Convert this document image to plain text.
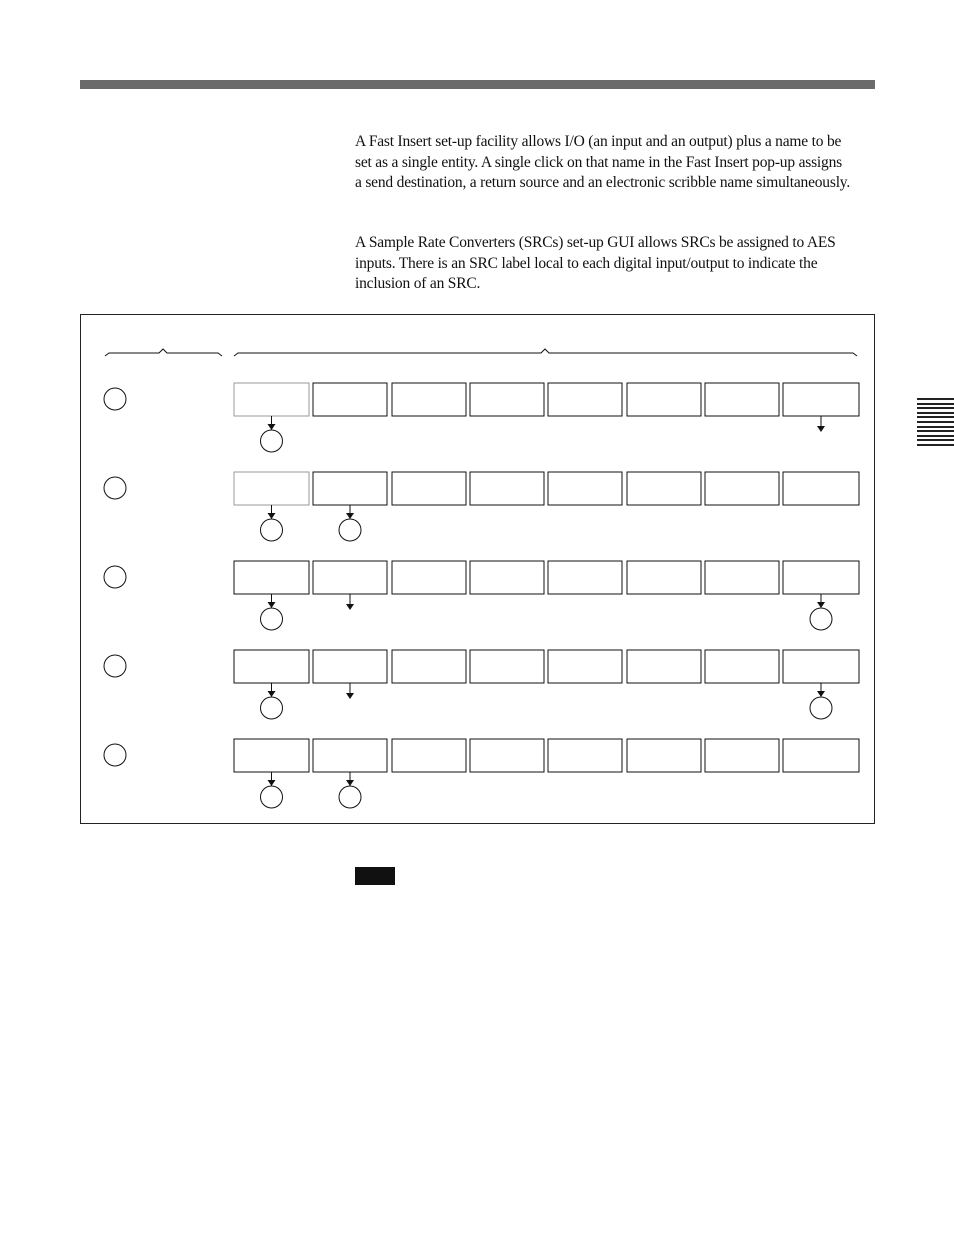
A Fast Insert set-up facility allows I/O (an input and an output) plus a name to be set as a single entity. A single click on that name in the Fast Insert pop-up assigns a send destination, a return source and an electronic scribble name simultaneously.

A Sample Rate Converters (SRCs) set-up GUI allows SRCs be assigned to AES inputs. There is an SRC label local to each digital input/output to indicate the inclusion of an SRC.
